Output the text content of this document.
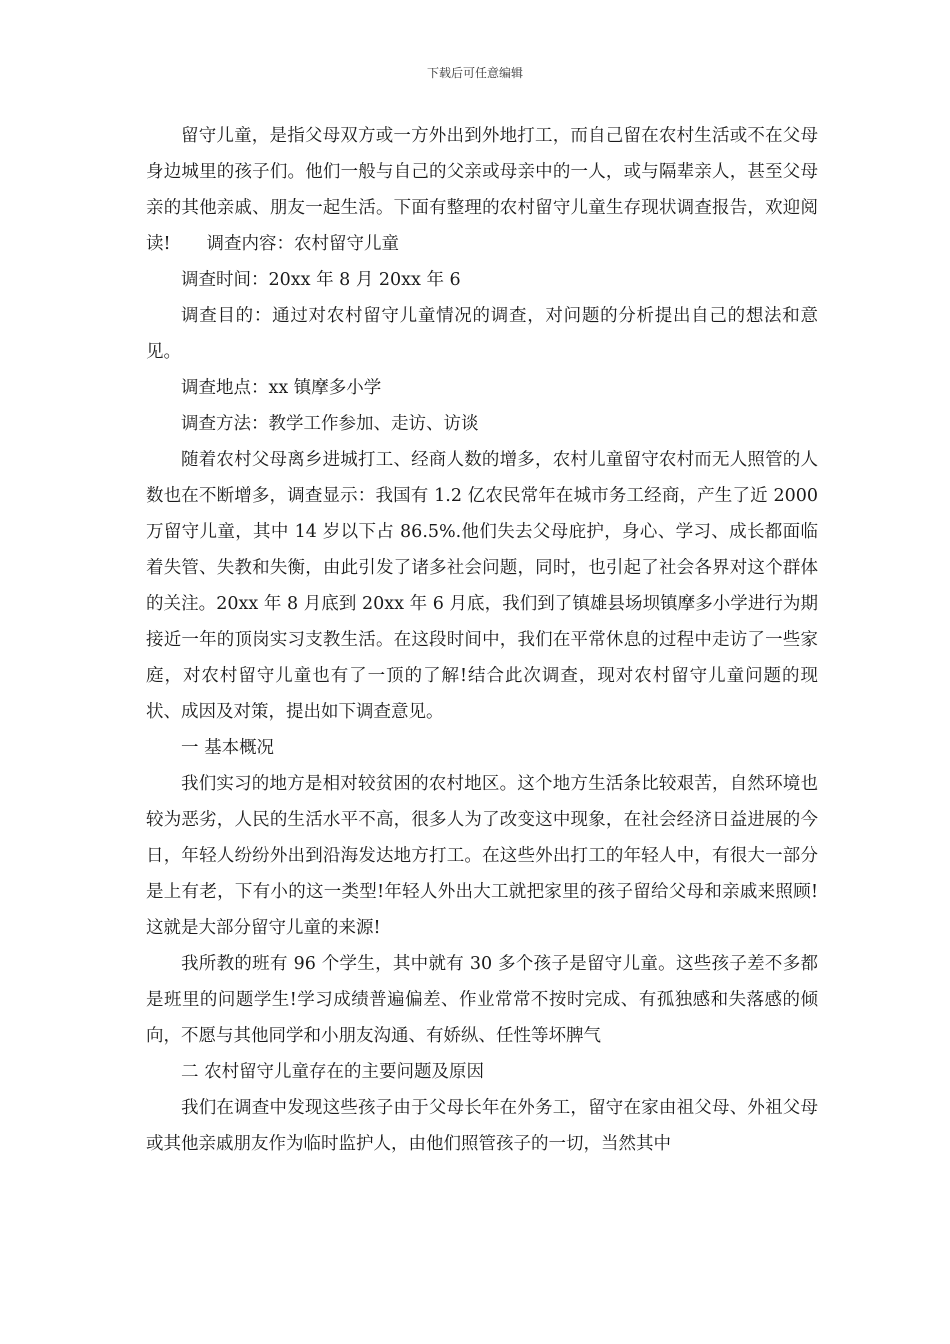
下载后可任意编辑

留守儿童，是指父母双方或一方外出到外地打工，而自己留在农村生活或不在父母身边城里的孩子们。他们一般与自己的父亲或母亲中的一人，或与隔辈亲人，甚至父母亲的其他亲戚、朋友一起生活。下面有整理的农村留守儿童生存现状调查报告，欢迎阅读! 调查内容：农村留守儿童

调查时间：20xx 年 8 月 20xx 年 6

调查目的：通过对农村留守儿童情况的调查，对问题的分析提出自己的想法和意见。

调查地点：xx 镇摩多小学

调查方法：教学工作参加、走访、访谈

随着农村父母离乡进城打工、经商人数的增多，农村儿童留守农村而无人照管的人数也在不断增多，调查显示：我国有 1.2 亿农民常年在城市务工经商，产生了近 2000 万留守儿童，其中 14 岁以下占 86.5%.他们失去父母庇护，身心、学习、成长都面临着失管、失教和失衡，由此引发了诸多社会问题，同时，也引起了社会各界对这个群体的关注。20xx 年 8 月底到 20xx 年 6 月底，我们到了镇雄县场坝镇摩多小学进行为期接近一年的顶岗实习支教生活。在这段时间中，我们在平常休息的过程中走访了一些家庭，对农村留守儿童也有了一顶的了解!结合此次调查，现对农村留守儿童问题的现状、成因及对策，提出如下调查意见。

一 基本概况

我们实习的地方是相对较贫困的农村地区。这个地方生活条比较艰苦，自然环境也较为恶劣，人民的生活水平不高，很多人为了改变这中现象，在社会经济日益进展的今日，年轻人纷纷外出到沿海发达地方打工。在这些外出打工的年轻人中，有很大一部分是上有老，下有小的这一类型!年轻人外出大工就把家里的孩子留给父母和亲戚来照顾!这就是大部分留守儿童的来源!

我所教的班有 96 个学生，其中就有 30 多个孩子是留守儿童。这些孩子差不多都是班里的问题学生!学习成绩普遍偏差、作业常常不按时完成、有孤独感和失落感的倾向，不愿与其他同学和小朋友沟通、有娇纵、任性等坏脾气

二 农村留守儿童存在的主要问题及原因

我们在调查中发现这些孩子由于父母长年在外务工，留守在家由祖父母、外祖父母或其他亲戚朋友作为临时监护人，由他们照管孩子的一切，当然其中
